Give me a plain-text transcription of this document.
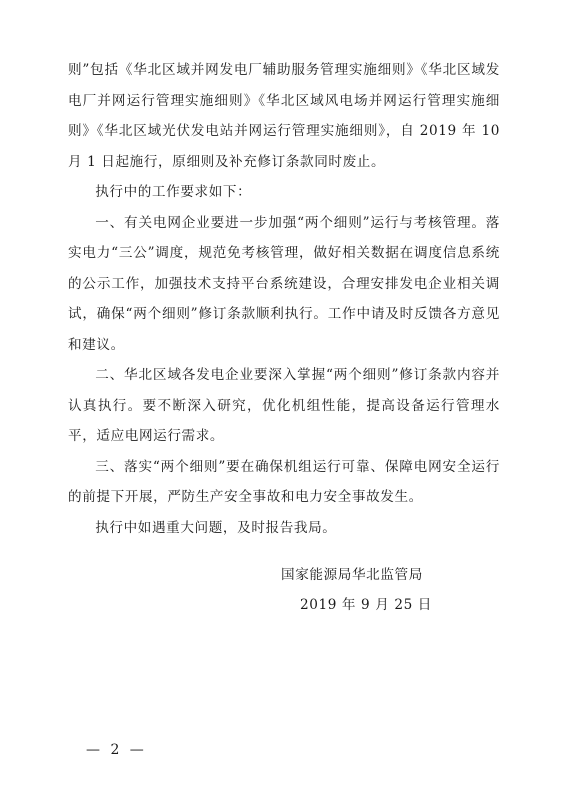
则”包括《华北区域并网发电厂辅助服务管理实施细则》《华北区域发电厂并网运行管理实施细则》《华北区域风电场并网运行管理实施细则》《华北区域光伏发电站并网运行管理实施细则》，自 2019 年 10 月 1 日起施行，原细则及补充修订条款同时废止。

执行中的工作要求如下：

一、有关电网企业要进一步加强“两个细则”运行与考核管理。落实电力“三公”调度，规范免考核管理，做好相关数据在调度信息系统的公示工作，加强技术支持平台系统建设，合理安排发电企业相关调试，确保“两个细则”修订条款顺利执行。工作中请及时反馈各方意见和建议。

二、华北区域各发电企业要深入掌握“两个细则”修订条款内容并认真执行。要不断深入研究，优化机组性能，提高设备运行管理水平，适应电网运行需求。

三、落实“两个细则”要在确保机组运行可靠、保障电网安全运行的前提下开展，严防生产安全事故和电力安全事故发生。

执行中如遇重大问题，及时报告我局。

国家能源局华北监管局
2019 年 9 月 25 日
— 2 —
